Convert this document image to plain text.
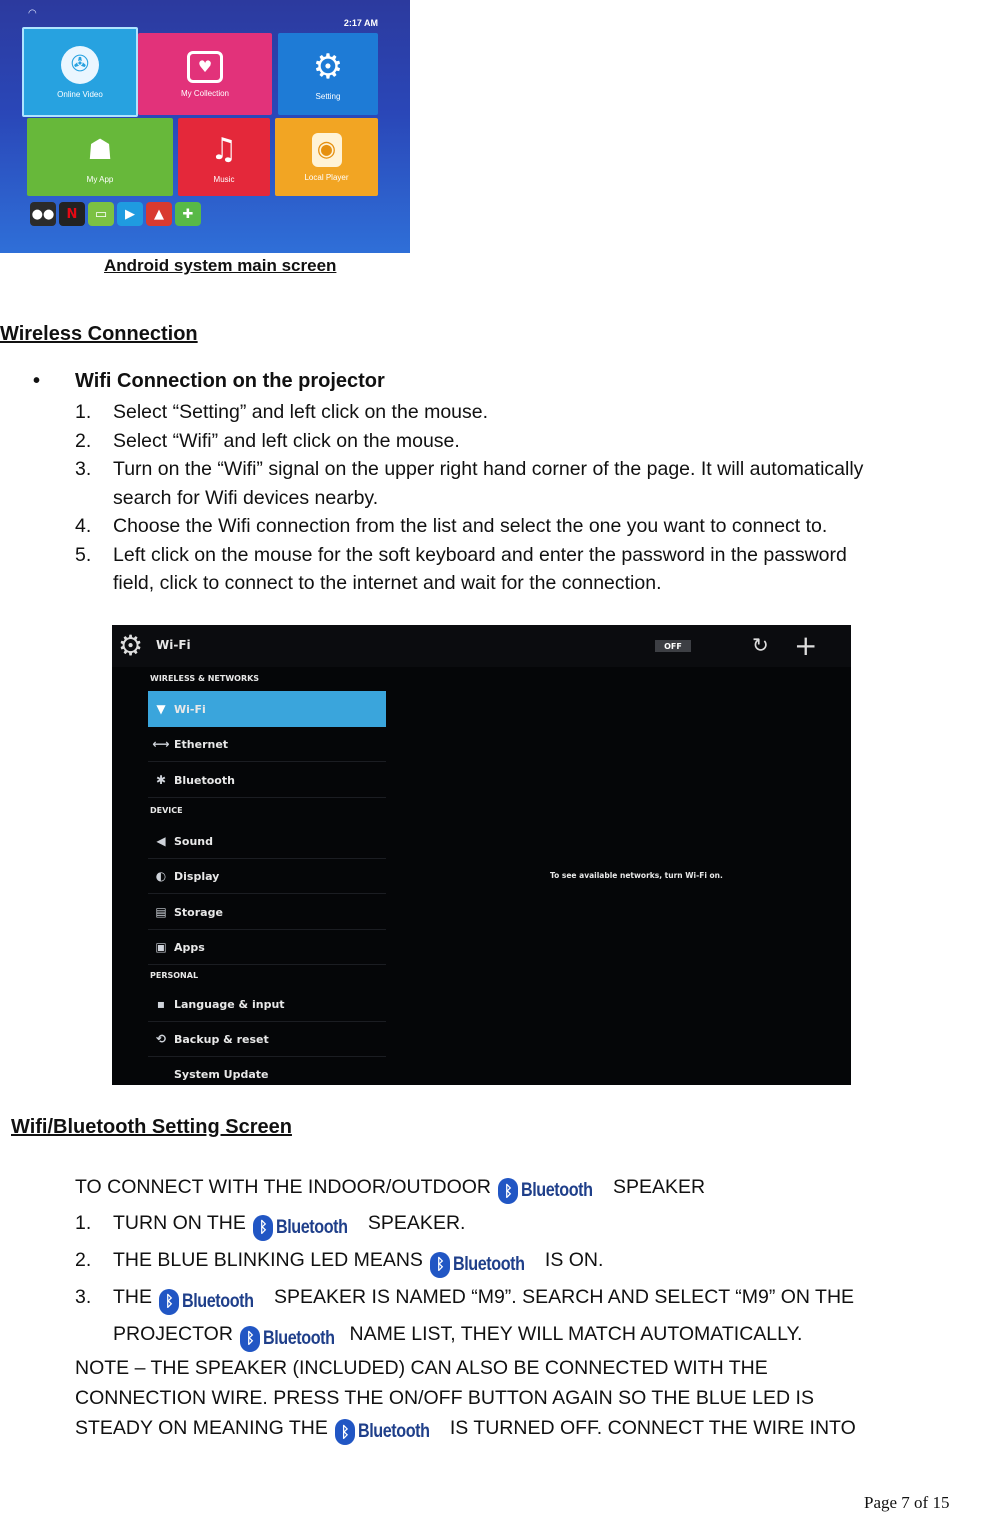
◠
2:17 AM
✇
Online Video
♥
My Collection
⚙
Setting
☗
My App
♫
Music
◉
Local Player
●● N	▭	▶	▲	✚
Android system main screen
Wireless Connection
• Wifi Connection on the projector
1. Select “Setting” and left click on the mouse.
2. Select “Wifi” and left click on the mouse.
3. Turn on the “Wifi” signal on the upper right hand corner of the page. It will automatically
search for Wifi devices nearby.
4. Choose the Wifi connection from the list and select the one you want to connect to.
5. Left click on the mouse for the soft keyboard and enter the password in the password
field, click to connect to the internet and wait for the connection.
⚙ Wi-Fi	OFF	↻ +
WIRELESS & NETWORKS
▼ Wi-Fi
⟷ Ethernet
✱ Bluetooth
DEVICE
◀ Sound
◐ Display
▤ Storage
▣ Apps
PERSONAL
▪ Language & input
⟲ Backup & reset
System Update
To see available networks, turn Wi-Fi on.
Wifi/Bluetooth Setting Screen
TO CONNECT WITH THE INDOOR/OUTDOOR ᛒ Bluetooth SPEAKER
1. TURN ON THE ᛒ Bluetooth SPEAKER.
2. THE BLUE BLINKING LED MEANS ᛒ Bluetooth IS ON.
3. THE ᛒ Bluetooth SPEAKER IS NAMED “M9”. SEARCH AND SELECT “M9” ON THE
PROJECTOR ᛒ Bluetooth NAME LIST, THEY WILL MATCH AUTOMATICALLY.
NOTE – THE SPEAKER (INCLUDED) CAN ALSO BE CONNECTED WITH THE
CONNECTION WIRE. PRESS THE ON/OFF BUTTON AGAIN SO THE BLUE LED IS
STEADY ON MEANING THE ᛒ Bluetooth IS TURNED OFF. CONNECT THE WIRE INTO
Page 7 of 15
